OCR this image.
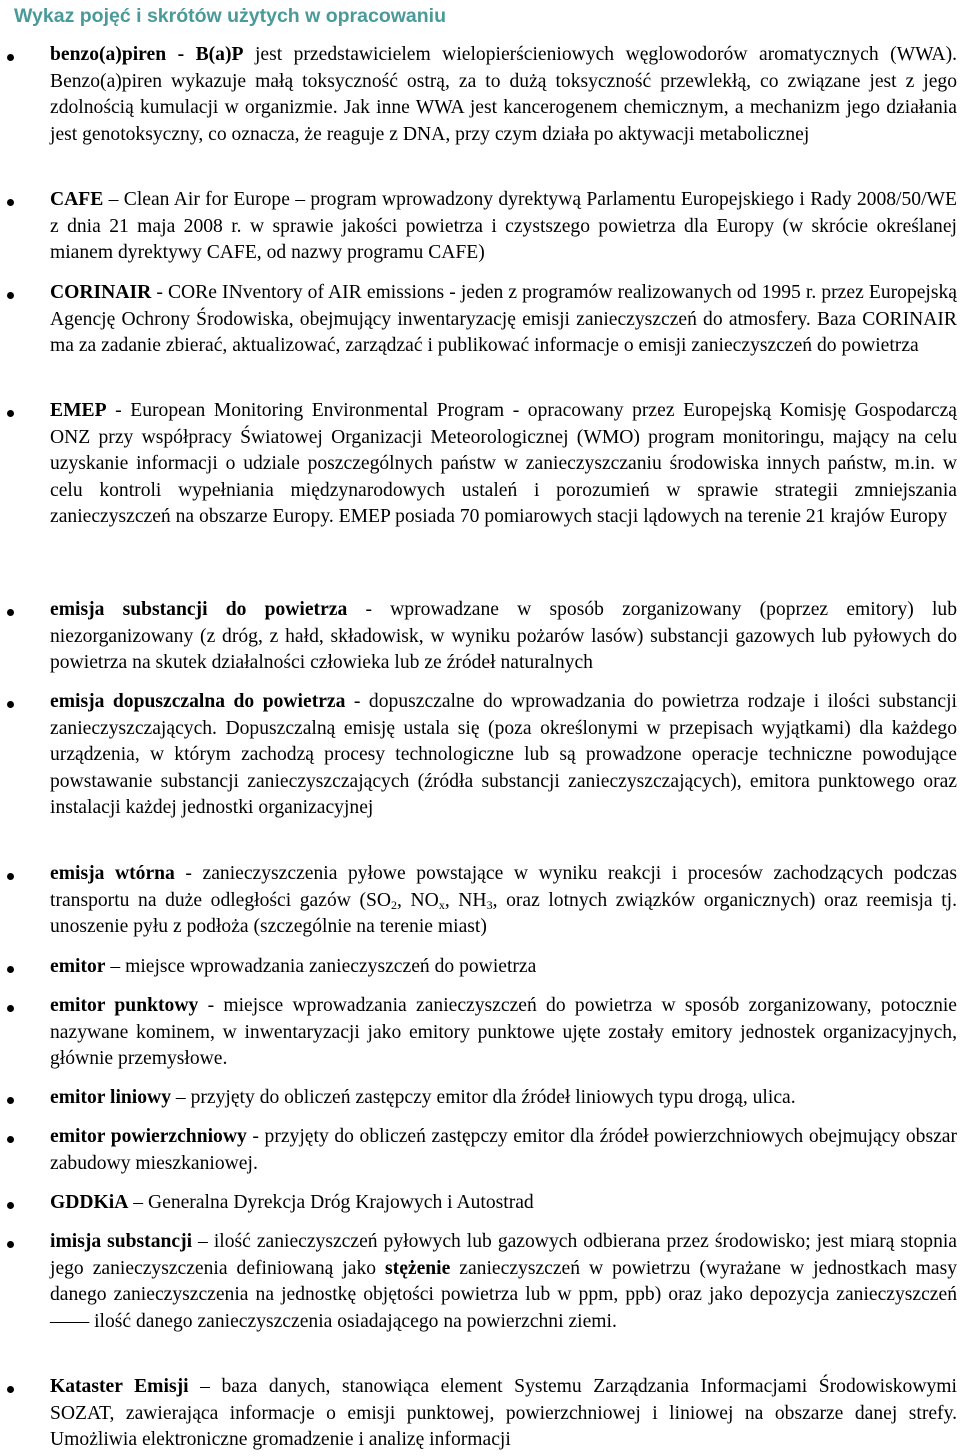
Wykaz pojęć i skrótów użytych w opracowaniu
benzo(a)piren - B(a)P jest przedstawicielem wielopierścieniowych węglowodorów aromatycznych (WWA). Benzo(a)piren wykazuje małą toksyczność ostrą, za to dużą toksyczność przewlekłą, co związane jest z jego zdolnością kumulacji w organizmie. Jak inne WWA jest kancerogenem chemicznym, a mechanizm jego działania jest genotoksyczny, co oznacza, że reaguje z DNA, przy czym działa po aktywacji metabolicznej
CAFE – Clean Air for Europe – program wprowadzony dyrektywą Parlamentu Europejskiego i Rady 2008/50/WE z dnia 21 maja 2008 r. w sprawie jakości powietrza i czystszego powietrza dla Europy (w skrócie określanej mianem dyrektywy CAFE, od nazwy programu CAFE)
CORINAIR - CORe INventory of AIR emissions - jeden z programów realizowanych od 1995 r. przez Europejską Agencję Ochrony Środowiska, obejmujący inwentaryzację emisji zanieczyszczeń do atmosfery. Baza CORINAIR ma za zadanie zbierać, aktualizować, zarządzać i publikować informacje o emisji zanieczyszczeń do powietrza
EMEP - European Monitoring Environmental Program - opracowany przez Europejską Komisję Gospodarczą ONZ przy współpracy Światowej Organizacji Meteorologicznej (WMO) program monitoringu, mający na celu uzyskanie informacji o udziale poszczególnych państw w zanieczyszczaniu środowiska innych państw, m.in. w celu kontroli wypełniania międzynarodowych ustaleń i porozumień w sprawie strategii zmniejszania zanieczyszczeń na obszarze Europy. EMEP posiada 70 pomiarowych stacji lądowych na terenie 21 krajów Europy
emisja substancji do powietrza - wprowadzane w sposób zorganizowany (poprzez emitory) lub niezorganizowany (z dróg, z hałd, składowisk, w wyniku pożarów lasów) substancji gazowych lub pyłowych do powietrza na skutek działalności człowieka lub ze źródeł naturalnych
emisja dopuszczalna do powietrza - dopuszczalne do wprowadzania do powietrza rodzaje i ilości substancji zanieczyszczających. Dopuszczalną emisję ustala się (poza określonymi w przepisach wyjątkami) dla każdego urządzenia, w którym zachodzą procesy technologiczne lub są prowadzone operacje techniczne powodujące powstawanie substancji zanieczyszczających (źródła substancji zanieczyszczających), emitora punktowego oraz instalacji każdej jednostki organizacyjnej
emisja wtórna - zanieczyszczenia pyłowe powstające w wyniku reakcji i procesów zachodzących podczas transportu na duże odległości gazów ($SO_2$, $NO_x$, $NH_3$, oraz lotnych związków organicznych) oraz reemisja tj. unoszenie pyłu z podłoża (szczególnie na terenie miast)
emitor – miejsce wprowadzania zanieczyszczeń do powietrza
emitor punktowy - miejsce wprowadzania zanieczyszczeń do powietrza w sposób zorganizowany, potocznie nazywane kominem, w inwentaryzacji jako emitory punktowe ujęte zostały emitory jednostek organizacyjnych, głównie przemysłowe.
emitor liniowy – przyjęty do obliczeń zastępczy emitor dla źródeł liniowych typu drogą, ulica.
emitor powierzchniowy - przyjęty do obliczeń zastępczy emitor dla źródeł powierzchniowych obejmujący obszar zabudowy mieszkaniowej.
GDDKiA – Generalna Dyrekcja Dróg Krajowych i Autostrad
imisja substancji – ilość zanieczyszczeń pyłowych lub gazowych odbierana przez środowisko; jest miarą stopnia jego zanieczyszczenia definiowaną jako stężenie zanieczyszczeń w powietrzu (wyrażane w jednostkach masy danego zanieczyszczenia na jednostkę objętości powietrza lub w ppm, ppb) oraz jako depozycja zanieczyszczeń —— ilość danego zanieczyszczenia osiadającego na powierzchni ziemi.
Kataster Emisji – baza danych, stanowiąca element Systemu Zarządzania Informacjami Środowiskowymi SOZAT, zawierająca informacje o emisji punktowej, powierzchniowej i liniowej na obszarze danej strefy. Umożliwia elektroniczne gromadzenie i analizę informacji
